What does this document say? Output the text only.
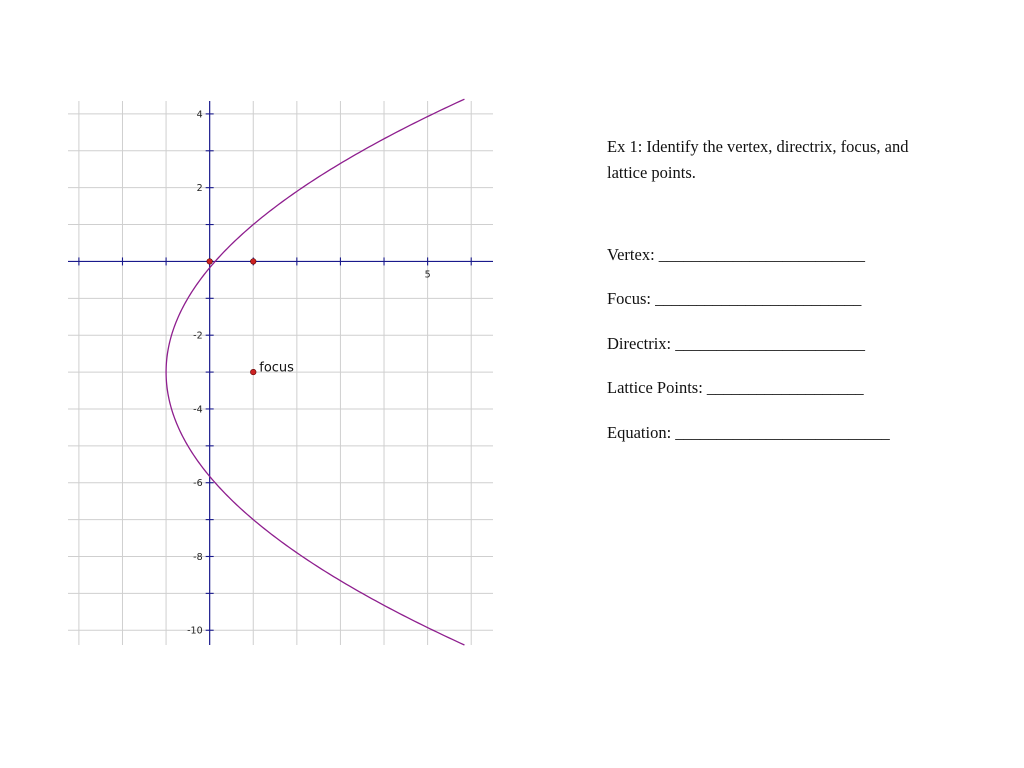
5
4
2
-2
-4
-6
-8
-10
focus

Ex 1: Identify the vertex, directrix, focus, and lattice points.

Vertex: _________________________

Focus: _________________________

Directrix: _______________________

Lattice Points: ___________________

Equation: __________________________
